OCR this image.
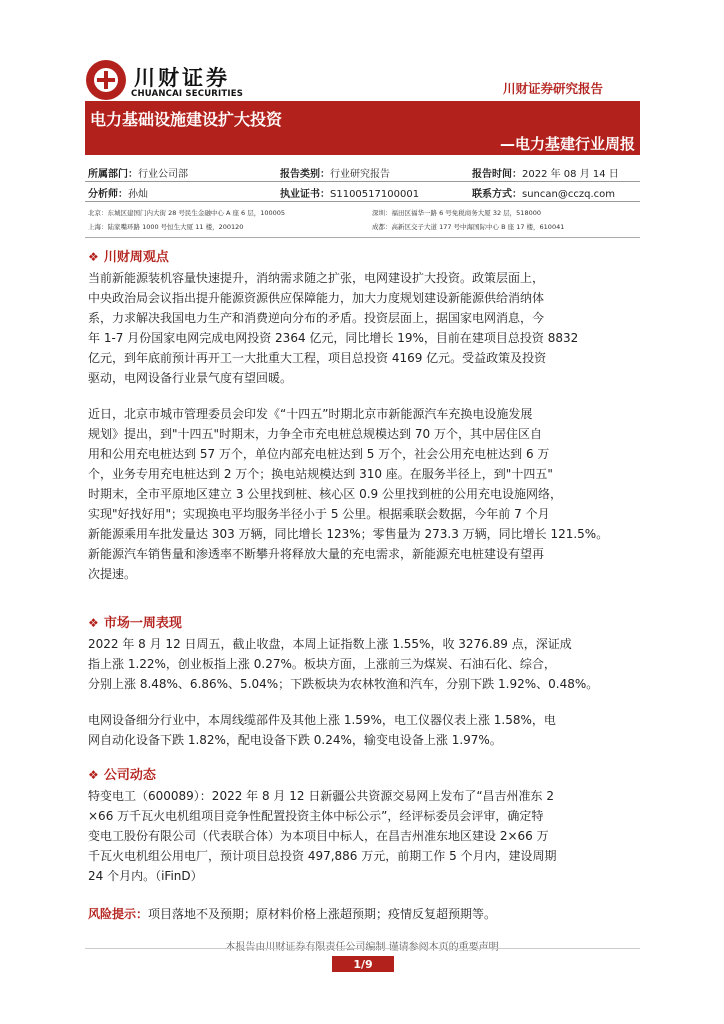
川财证券
CHUANCAI SECURITIES	川财证券研究报告
电力基础设施建设扩大投资
—电力基建行业周报
所属部门：行业公司部	报告类别：行业研究报告	报告时间：2022 年 08 月 14 日
分析师：孙灿	执业证书：S1100517100001	联系方式：suncan@cczq.com
北京：东城区建国门内大街 28 号民生金融中心 A 座 6 层，100005	深圳：福田区福华一路 6 号免税商务大厦 32 层，518000
上海：陆家嘴环路 1000 号恒生大厦 11 楼，200120	成都：高新区交子大道 177 号中海国际中心 B 座 17 楼，610041
❖ 川财周观点
当前新能源装机容量快速提升，消纳需求随之扩张，电网建设扩大投资。政策层面上，
中央政治局会议指出提升能源资源供应保障能力，加大力度规划建设新能源供给消纳体
系，力求解决我国电力生产和消费逆向分布的矛盾。投资层面上，据国家电网消息，今
年 1-7 月份国家电网完成电网投资 2364 亿元，同比增长 19%，目前在建项目总投资 8832
亿元，到年底前预计再开工一大批重大工程，项目总投资 4169 亿元。受益政策及投资
驱动，电网设备行业景气度有望回暖。
近日，北京市城市管理委员会印发《“十四五”时期北京市新能源汽车充换电设施发展
规划》提出，到"十四五"时期末，力争全市充电桩总规模达到 70 万个，其中居住区自
用和公用充电桩达到 57 万个，单位内部充电桩达到 5 万个，社会公用充电桩达到 6 万
个，业务专用充电桩达到 2 万个；换电站规模达到 310 座。在服务半径上，到"十四五"
时期末，全市平原地区建立 3 公里找到桩、核心区 0.9 公里找到桩的公用充电设施网络，
实现"好找好用"；实现换电平均服务半径小于 5 公里。根据乘联会数据，今年前 7 个月
新能源乘用车批发量达 303 万辆，同比增长 123%；零售量为 273.3 万辆，同比增长 121.5%。
新能源汽车销售量和渗透率不断攀升将释放大量的充电需求，新能源充电桩建设有望再
次提速。
❖ 市场一周表现
2022 年 8 月 12 日周五，截止收盘，本周上证指数上涨 1.55%，收 3276.89 点，深证成
指上涨 1.22%，创业板指上涨 0.27%。板块方面，上涨前三为煤炭、石油石化、综合，
分别上涨 8.48%、6.86%、5.04%；下跌板块为农林牧渔和汽车，分别下跌 1.92%、0.48%。
电网设备细分行业中，本周线缆部件及其他上涨 1.59%，电工仪器仪表上涨 1.58%，电
网自动化设备下跌 1.82%，配电设备下跌 0.24%，输变电设备上涨 1.97%。
❖ 公司动态
特变电工（600089）：2022 年 8 月 12 日新疆公共资源交易网上发布了“昌吉州准东 2
×66 万千瓦火电机组项目竞争性配置投资主体中标公示”，经评标委员会评审，确定特
变电工股份有限公司（代表联合体）为本项目中标人，在昌吉州准东地区建设 2×66 万
千瓦火电机组公用电厂，预计项目总投资 497,886 万元，前期工作 5 个月内，建设周期
24 个月内。（iFinD）
风险提示：项目落地不及预期；原材料价格上涨超预期；疫情反复超预期等。
1/9
